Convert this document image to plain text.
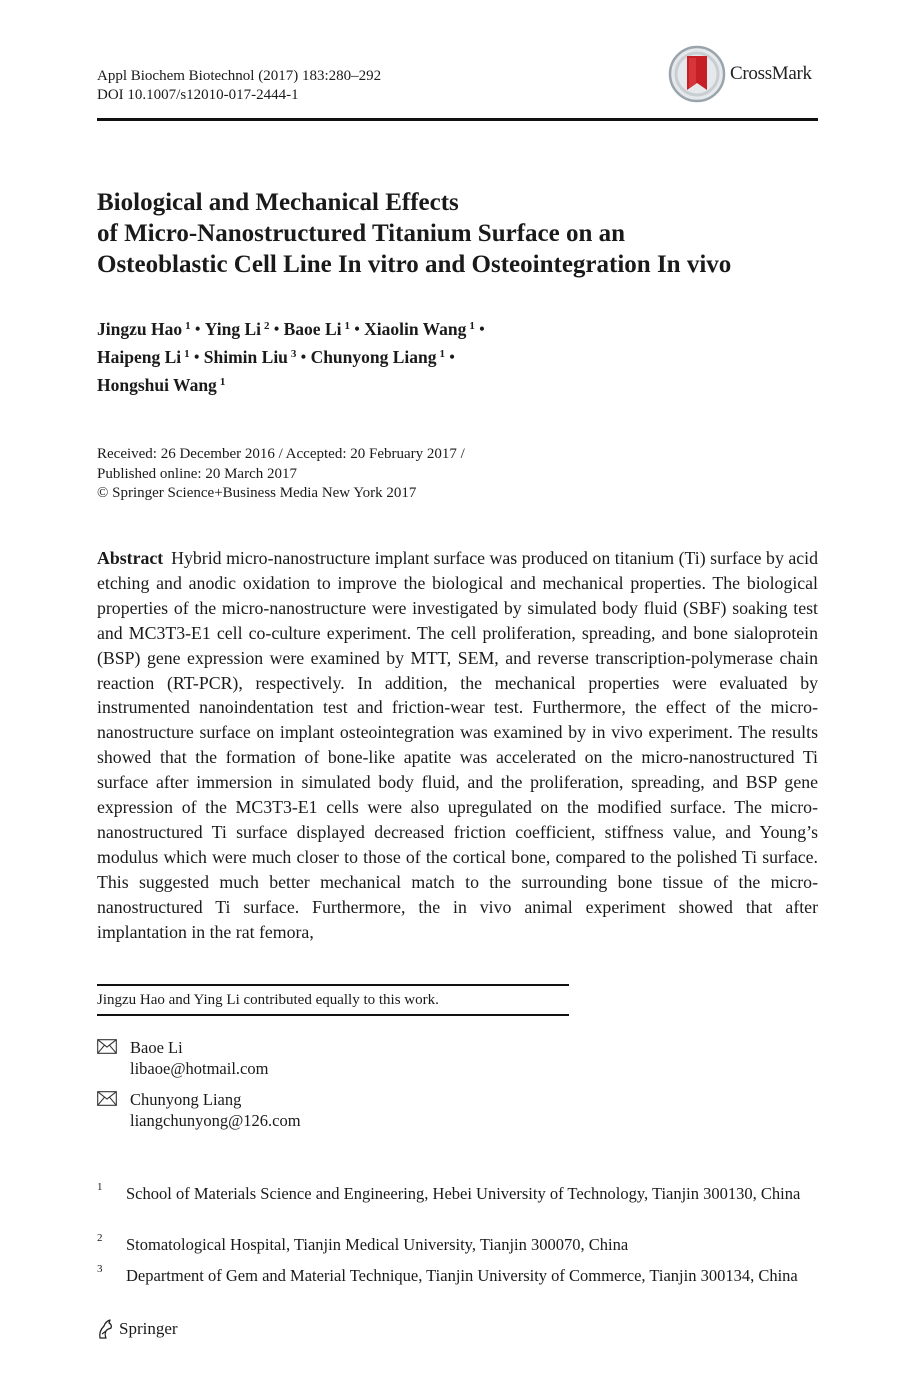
Appl Biochem Biotechnol (2017) 183:280–292
DOI 10.1007/s12010-017-2444-1
CrossMark
Biological and Mechanical Effects
of Micro-Nanostructured Titanium Surface on an
Osteoblastic Cell Line In vitro and Osteointegration In vivo
Jingzu Hao $^1$ • Ying Li $^2$ • Baoe Li $^1$ • Xiaolin Wang $^1$ •
Haipeng Li $^1$ • Shimin Liu $^3$ • Chunyong Liang $^1$ •
Hongshui Wang $^1$
Received: 26 December 2016 / Accepted: 20 February 2017 /
Published online: 20 March 2017
© Springer Science+Business Media New York 2017
Abstract Hybrid micro-nanostructure implant surface was produced on titanium (Ti) surface by acid etching and anodic oxidation to improve the biological and mechanical properties. The biological properties of the micro-nanostructure were investigated by simulated body fluid (SBF) soaking test and MC3T3-E1 cell co-culture experiment. The cell proliferation, spreading, and bone sialoprotein (BSP) gene expression were examined by MTT, SEM, and reverse transcription-polymerase chain reaction (RT-PCR), respectively. In addition, the mechanical properties were evaluated by instrumented nanoindentation test and friction-wear test. Furthermore, the effect of the micro-nanostructure surface on implant osteointegration was examined by in vivo experiment. The results showed that the formation of bone-like apatite was accelerated on the micro-nanostructured Ti surface after immersion in simulated body fluid, and the proliferation, spreading, and BSP gene expression of the MC3T3-E1 cells were also upregulated on the modified surface. The micro-nanostructured Ti surface displayed decreased friction coefficient, stiffness value, and Young’s modulus which were much closer to those of the cortical bone, compared to the polished Ti surface. This suggested much better mechanical match to the surrounding bone tissue of the micro-nanostructured Ti surface. Furthermore, the in vivo animal experiment showed that after implantation in the rat femora,
Jingzu Hao and Ying Li contributed equally to this work.
Baoe Li
libaoe@hotmail.com
Chunyong Liang
liangchunyong@126.com
1 School of Materials Science and Engineering, Hebei University of Technology, Tianjin 300130, China
2 Stomatological Hospital, Tianjin Medical University, Tianjin 300070, China
3 Department of Gem and Material Technique, Tianjin University of Commerce, Tianjin 300134, China
Springer
